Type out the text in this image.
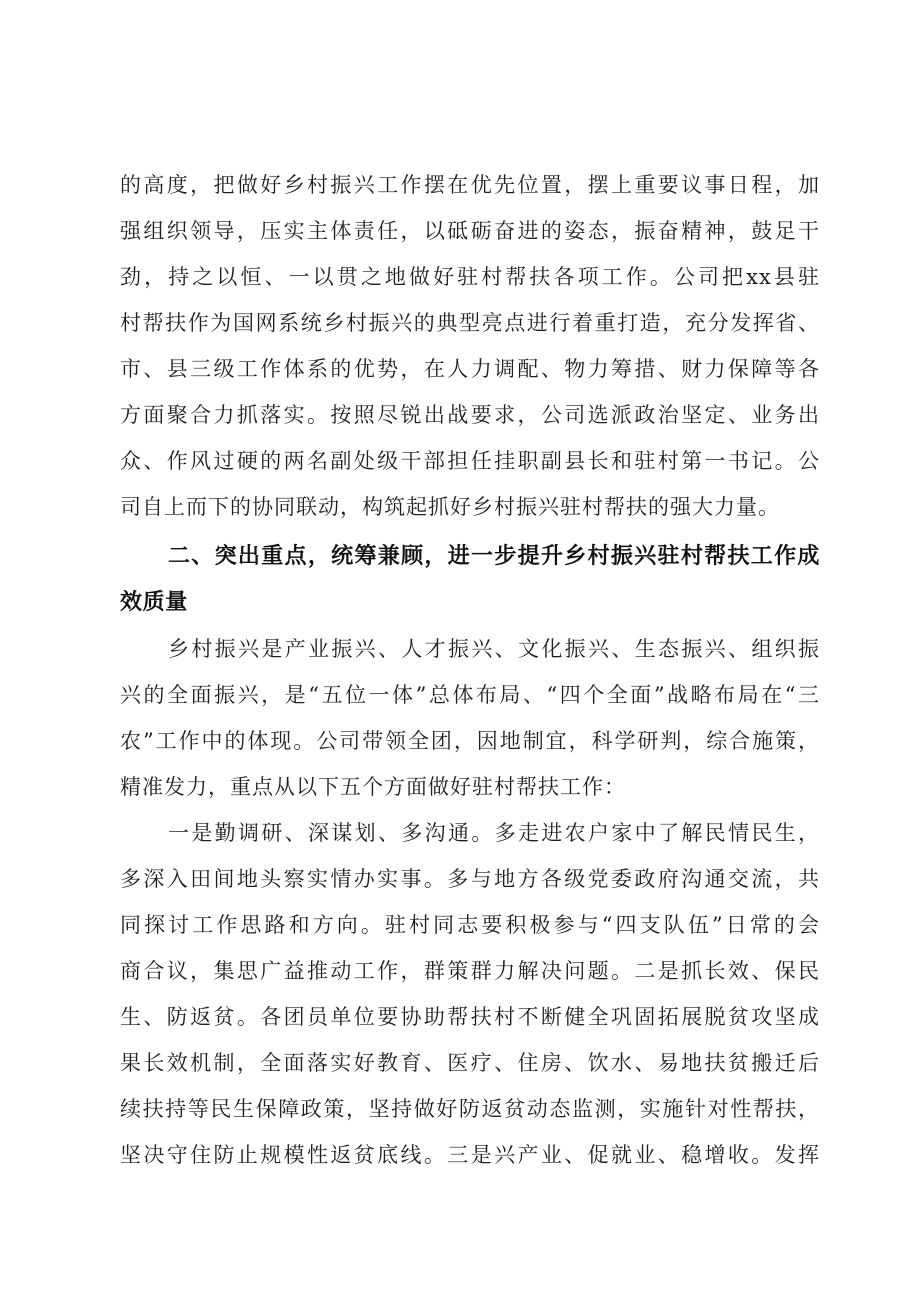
的高度，把做好乡村振兴工作摆在优先位置，摆上重要议事日程，加
强组织领导，压实主体责任，以砥砺奋进的姿态，振奋精神，鼓足干
劲，持之以恒、一以贯之地做好驻村帮扶各项工作。公司把xx县驻
村帮扶作为国网系统乡村振兴的典型亮点进行着重打造，充分发挥省、
市、县三级工作体系的优势，在人力调配、物力筹措、财力保障等各
方面聚合力抓落实。按照尽锐出战要求，公司选派政治坚定、业务出
众、作风过硬的两名副处级干部担任挂职副县长和驻村第一书记。公
司自上而下的协同联动，构筑起抓好乡村振兴驻村帮扶的强大力量。
二、突出重点，统筹兼顾，进一步提升乡村振兴驻村帮扶工作成
效质量
乡村振兴是产业振兴、人才振兴、文化振兴、生态振兴、组织振
兴的全面振兴，是“五位一体”总体布局、“四个全面”战略布局在“三
农”工作中的体现。公司带领全团，因地制宜，科学研判，综合施策，
精准发力，重点从以下五个方面做好驻村帮扶工作：
一是勤调研、深谋划、多沟通。多走进农户家中了解民情民生，
多深入田间地头察实情办实事。多与地方各级党委政府沟通交流，共
同探讨工作思路和方向。驻村同志要积极参与“四支队伍”日常的会
商合议，集思广益推动工作，群策群力解决问题。二是抓长效、保民
生、防返贫。各团员单位要协助帮扶村不断健全巩固拓展脱贫攻坚成
果长效机制，全面落实好教育、医疗、住房、饮水、易地扶贫搬迁后
续扶持等民生保障政策，坚持做好防返贫动态监测，实施针对性帮扶，
坚决守住防止规模性返贫底线。三是兴产业、促就业、稳增收。发挥
